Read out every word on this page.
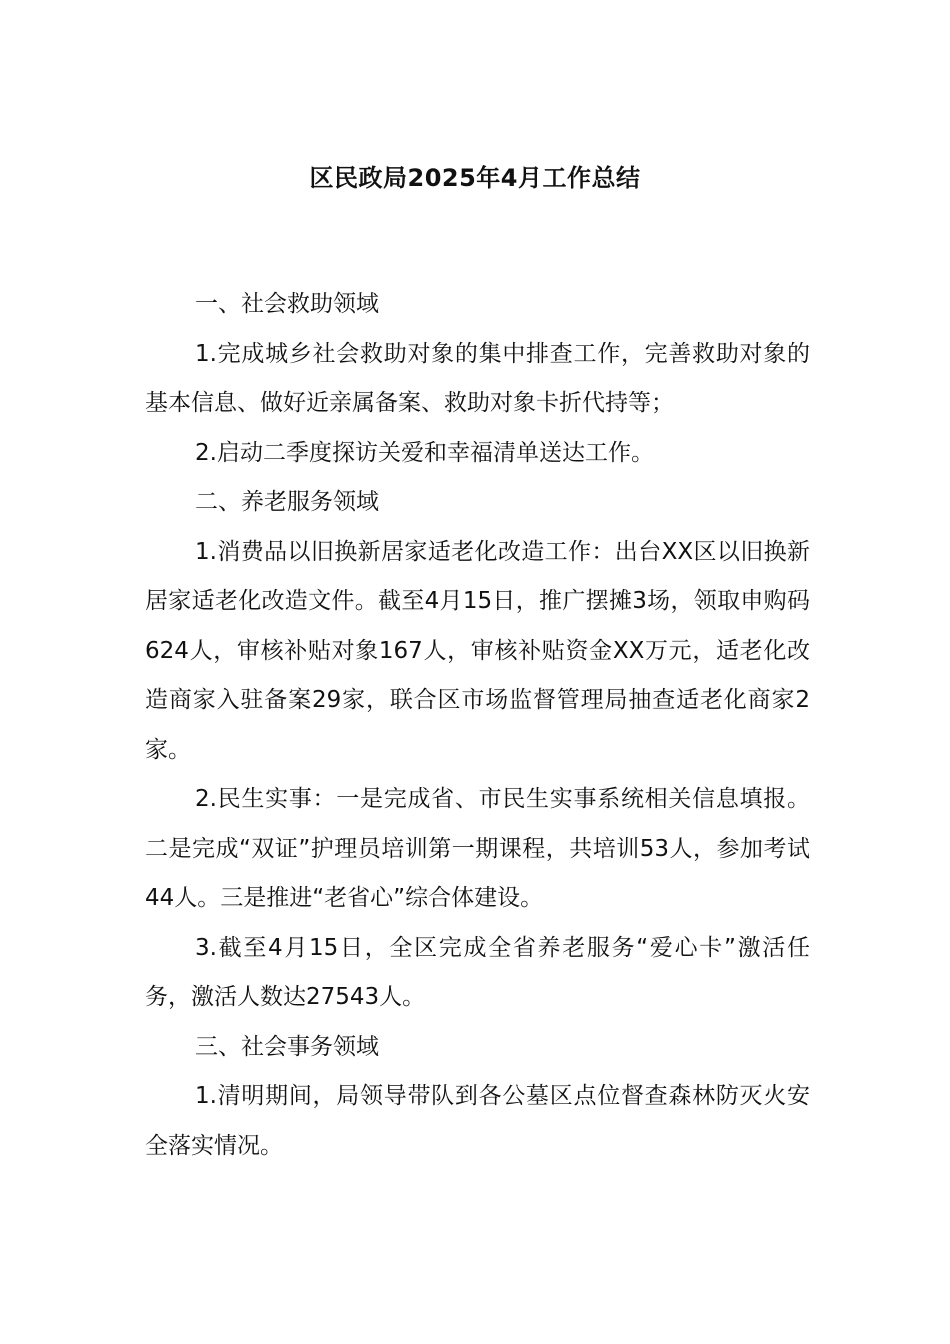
区民政局2025年4月工作总结

一、社会救助领域

1.完成城乡社会救助对象的集中排查工作，完善救助对象的基本信息、做好近亲属备案、救助对象卡折代持等；

2.启动二季度探访关爱和幸福清单送达工作。

二、养老服务领域

1.消费品以旧换新居家适老化改造工作：出台XX区以旧换新居家适老化改造文件。截至4月15日，推广摆摊3场，领取申购码624人，审核补贴对象167人，审核补贴资金XX万元，适老化改造商家入驻备案29家，联合区市场监督管理局抽查适老化商家2家。

2.民生实事：一是完成省、市民生实事系统相关信息填报。二是完成“双证”护理员培训第一期课程，共培训53人，参加考试44人。三是推进“老省心”综合体建设。

3.截至4月15日，全区完成全省养老服务“爱心卡”激活任务，激活人数达27543人。

三、社会事务领域

1.清明期间，局领导带队到各公墓区点位督查森林防灭火安全落实情况。
